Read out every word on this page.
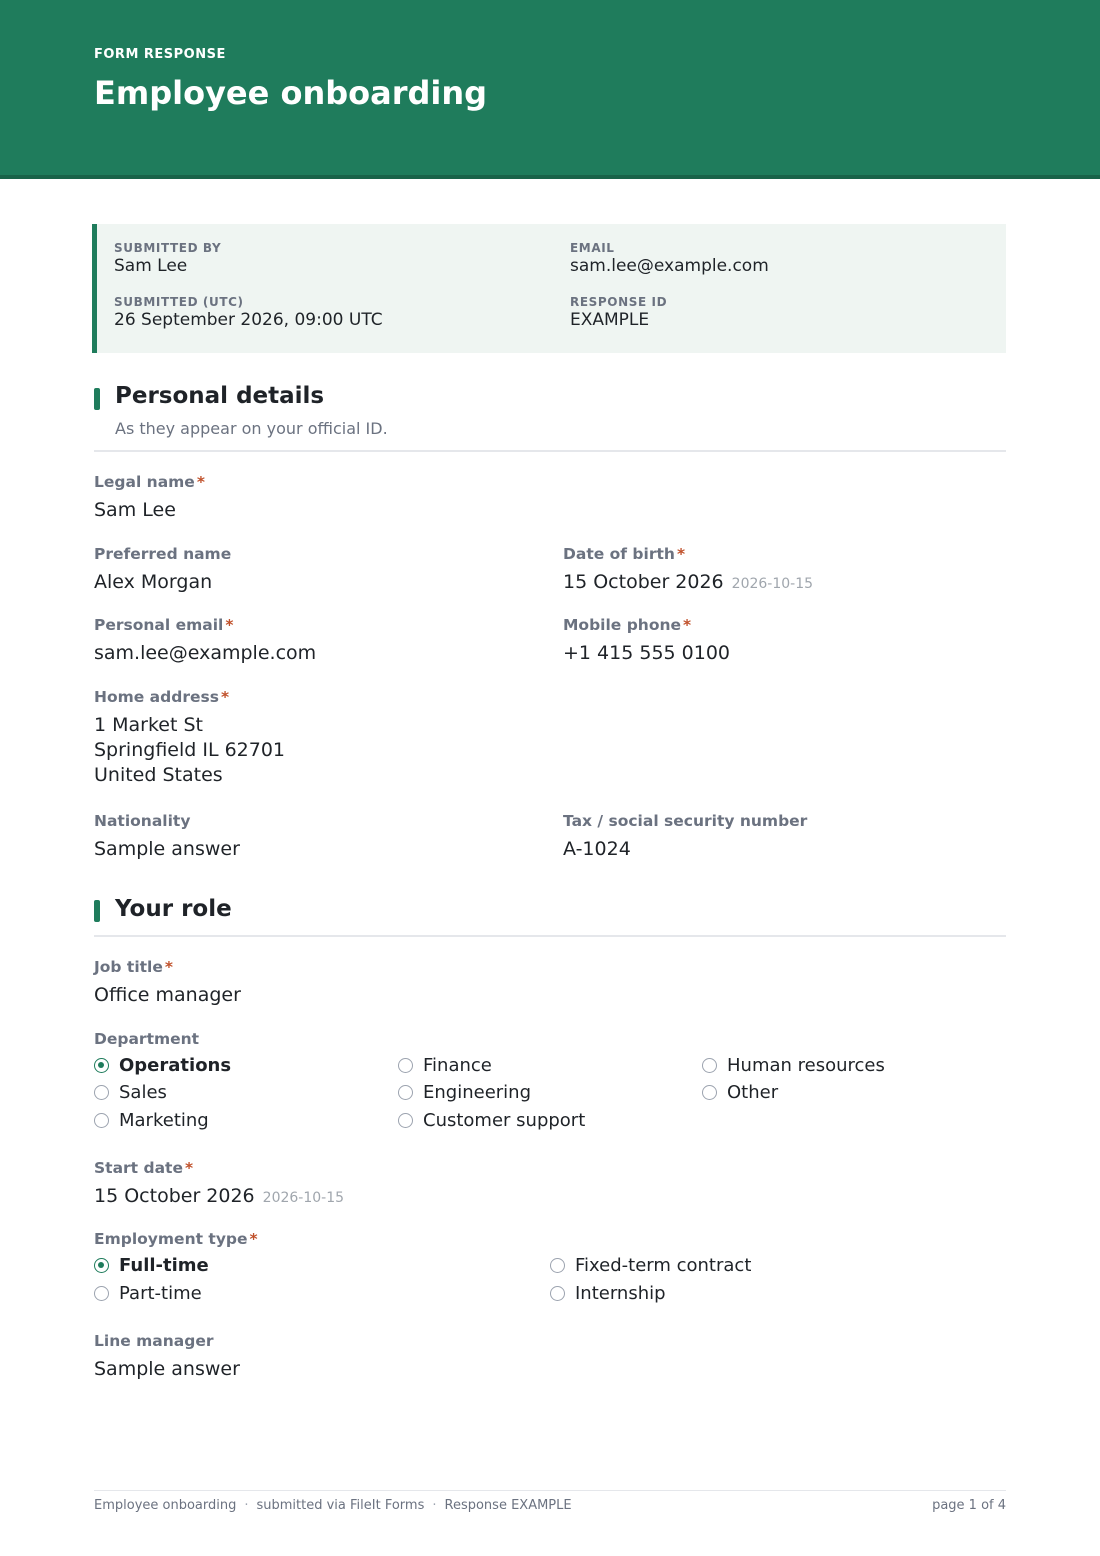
FORM RESPONSE
Employee onboarding
SUBMITTED BY
Sam Lee
EMAIL
sam.lee@example.com
SUBMITTED (UTC)
26 September 2026, 09:00 UTC
RESPONSE ID
EXAMPLE
Personal details
As they appear on your official ID.
Legal name *
Sam Lee
Preferred name
Alex Morgan
Date of birth *
15 October 2026 2026-10-15
Personal email *
sam.lee@example.com
Mobile phone *
+1 415 555 0100
Home address *
1 Market St
Springfield IL 62701
United States
Nationality
Sample answer
Tax / social security number
A-1024
Your role
Job title *
Office manager
Department
Operations
Sales
Marketing
Finance
Engineering
Customer support
Human resources
Other
Start date *
15 October 2026 2026-10-15
Employment type *
Full-time
Part-time
Fixed-term contract
Internship
Line manager
Sample answer
Employee onboarding · submitted via FileIt Forms · Response EXAMPLE	page 1 of 4
